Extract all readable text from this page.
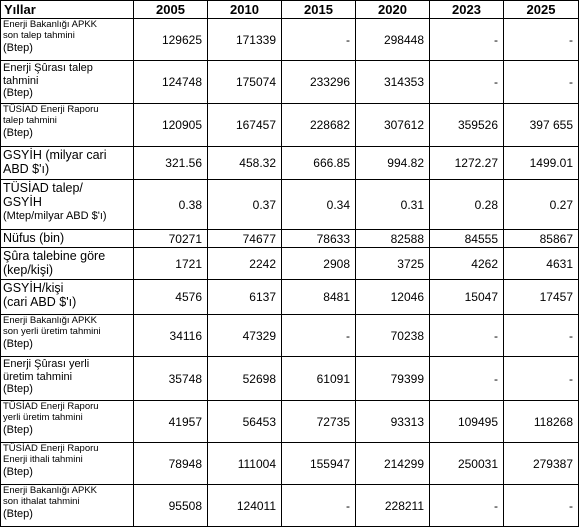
Yıllar	2005	2010	2015	2020	2023	2025

Enerji Bakanlığı APKK
son talep tahmini
(Btep)	129625	171339	-	298448	-	-

Enerji Şûrası talep
tahmini
(Btep)	124748	175074	233296	314353	-	-

TÜSİAD Enerji Raporu
talep tahmini
(Btep)	120905	167457	228682	307612	359526	397 655

GSYİH (milyar cari
ABD $'ı)	321.56	458.32	666.85	994.82	1272.27	1499.01

TÜSİAD talep/
GSYİH
(Mtep/milyar ABD $'ı)	0.38	0.37	0.34	0.31	0.28	0.27

Nüfus (bin)	70271	74677	78633	82588	84555	85867

Şûra talebine göre
(kep/kişi)	1721	2242	2908	3725	4262	4631

GSYİH/kişi
(cari ABD $'ı)	4576	6137	8481	12046	15047	17457

Enerji Bakanlığı APKK
son yerli üretim tahmini
(Btep)	34116	47329	-	70238	-	-

Enerji Şûrası yerli
üretim tahmini
(Btep)	35748	52698	61091	79399	-	-

TÜSİAD Enerji Raporu
yerli üretim tahmini
(Btep)	41957	56453	72735	93313	109495	118268

TÜSİAD Enerji Raporu
Enerji ithali tahmini
(Btep)	78948	111004	155947	214299	250031	279387

Enerji Bakanlığı APKK
son ithalat tahmini
(Btep)	95508	124011	-	228211	-	-
